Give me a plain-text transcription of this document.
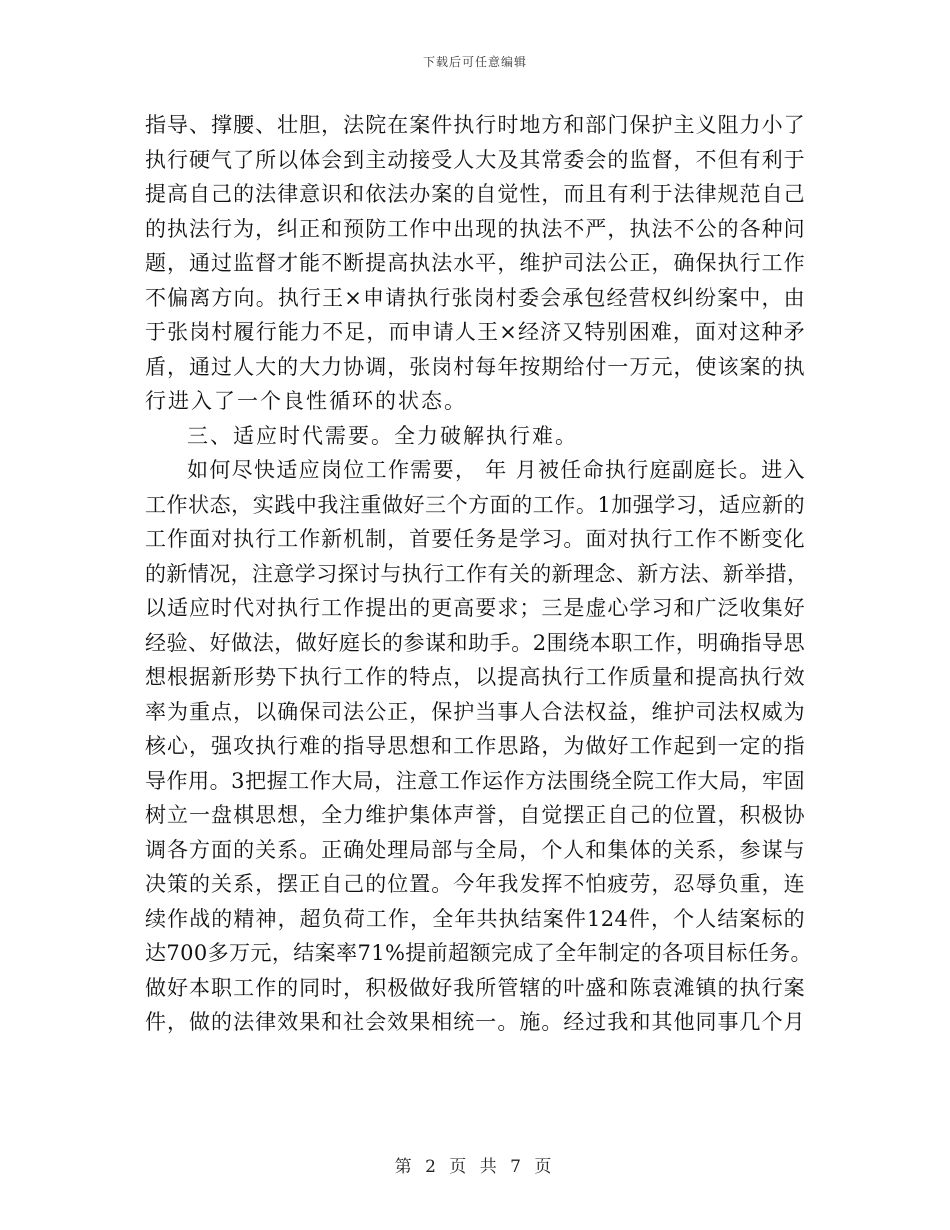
下载后可任意编辑
指导、撑腰、壮胆，法院在案件执行时地方和部门保护主义阻力小了
执行硬气了所以体会到主动接受人大及其常委会的监督，不但有利于
提高自己的法律意识和依法办案的自觉性，而且有利于法律规范自己
的执法行为，纠正和预防工作中出现的执法不严，执法不公的各种问
题，通过监督才能不断提高执法水平，维护司法公正，确保执行工作
不偏离方向。执行王×申请执行张岗村委会承包经营权纠纷案中，由
于张岗村履行能力不足，而申请人王×经济又特别困难，面对这种矛
盾，通过人大的大力协调，张岗村每年按期给付一万元，使该案的执
行进入了一个良性循环的状态。
三、适应时代需要。全力破解执行难。
如何尽快适应岗位工作需要， 年 月被任命执行庭副庭长。进入
工作状态，实践中我注重做好三个方面的工作。1加强学习，适应新的
工作面对执行工作新机制，首要任务是学习。面对执行工作不断变化
的新情况，注意学习探讨与执行工作有关的新理念、新方法、新举措，
以适应时代对执行工作提出的更高要求；三是虚心学习和广泛收集好
经验、好做法，做好庭长的参谋和助手。2围绕本职工作，明确指导思
想根据新形势下执行工作的特点，以提高执行工作质量和提高执行效
率为重点，以确保司法公正，保护当事人合法权益，维护司法权威为
核心，强攻执行难的指导思想和工作思路，为做好工作起到一定的指
导作用。3把握工作大局，注意工作运作方法围绕全院工作大局，牢固
树立一盘棋思想，全力维护集体声誉，自觉摆正自己的位置，积极协
调各方面的关系。正确处理局部与全局，个人和集体的关系，参谋与
决策的关系，摆正自己的位置。今年我发挥不怕疲劳，忍辱负重，连
续作战的精神，超负荷工作，全年共执结案件124件，个人结案标的
达700多万元，结案率71%提前超额完成了全年制定的各项目标任务。
做好本职工作的同时，积极做好我所管辖的叶盛和陈袁滩镇的执行案
件，做的法律效果和社会效果相统一。施。经过我和其他同事几个月
第 2 页 共 7 页
